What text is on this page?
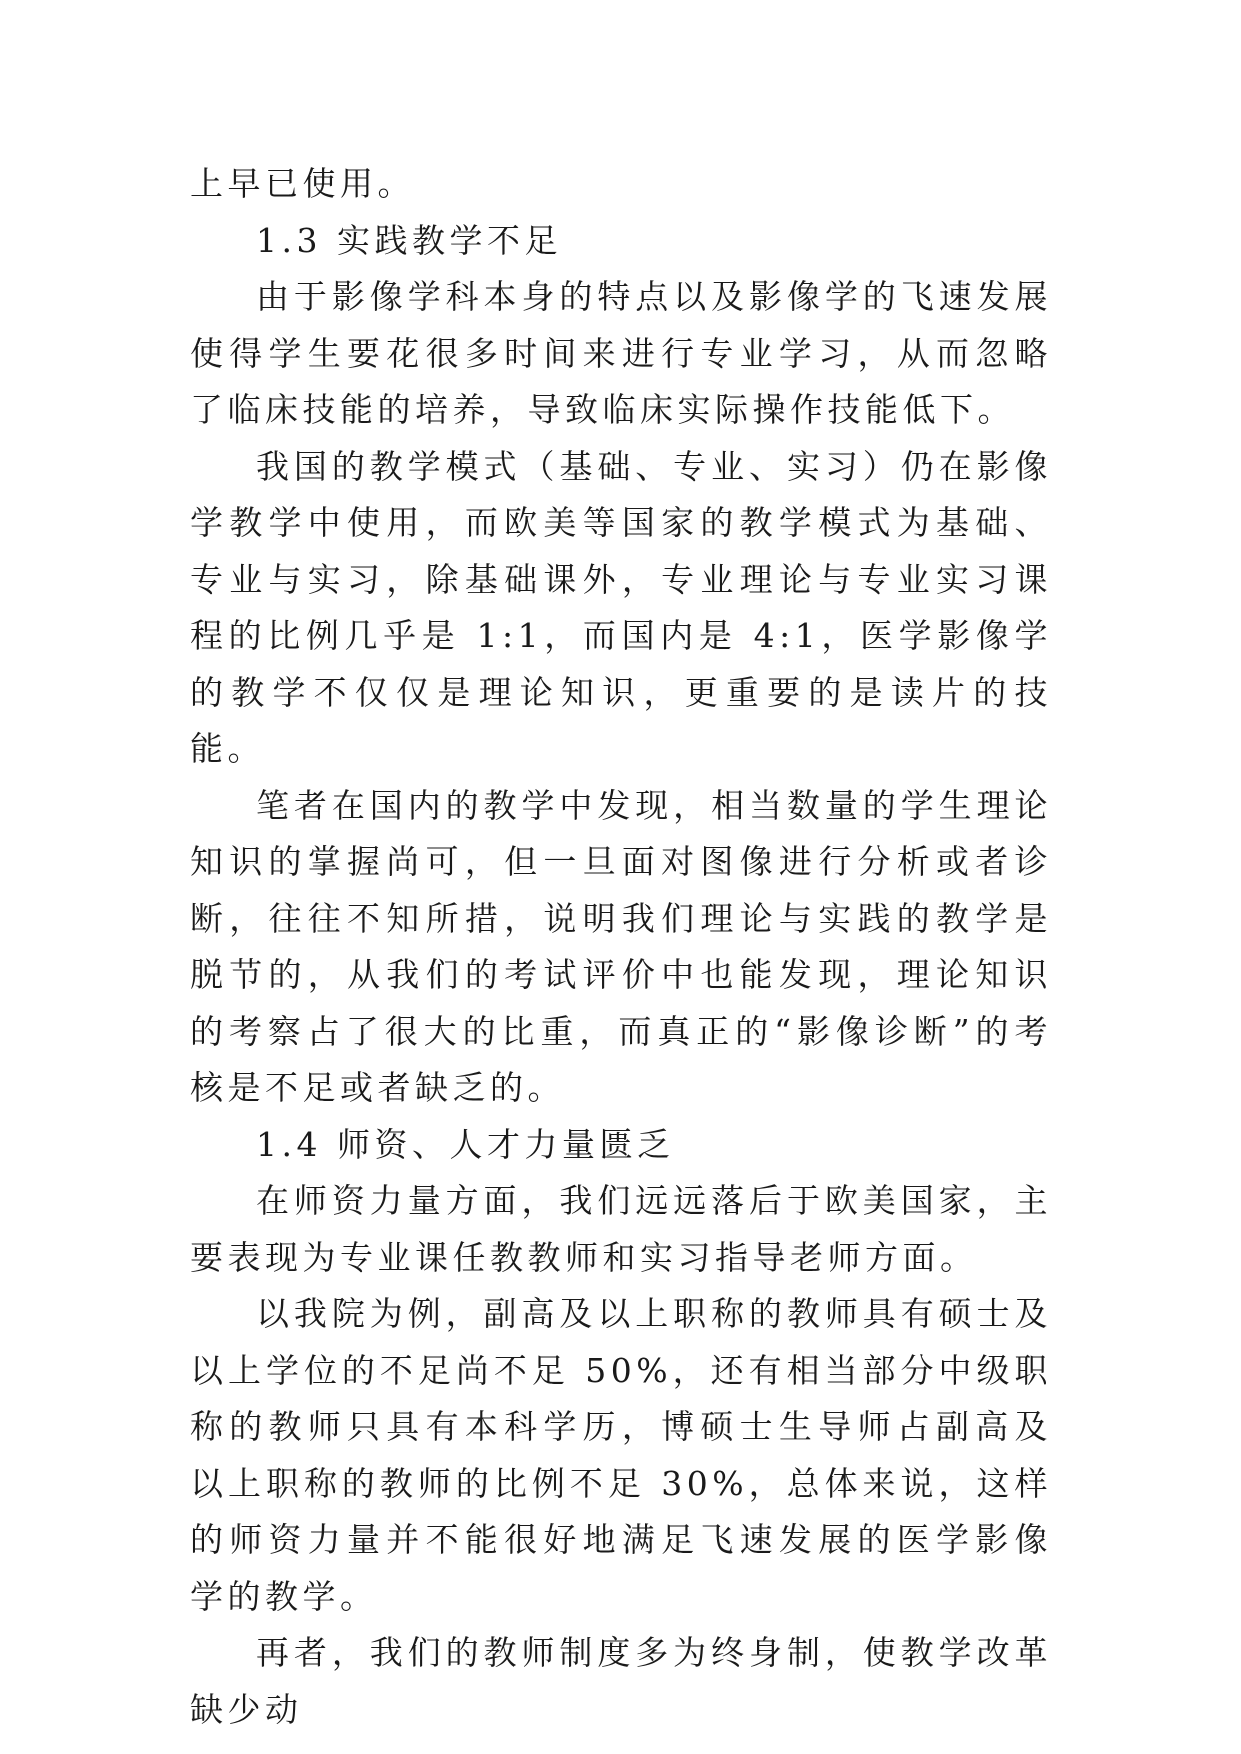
上早已使用。

1.3 实践教学不足

由于影像学科本身的特点以及影像学的飞速发展使得学生要花很多时间来进行专业学习，从而忽略了临床技能的培养，导致临床实际操作技能低下。

我国的教学模式（基础、专业、实习）仍在影像学教学中使用，而欧美等国家的教学模式为基础、专业与实习，除基础课外，专业理论与专业实习课程的比例几乎是 1:1，而国内是 4:1，医学影像学的教学不仅仅是理论知识，更重要的是读片的技能。

笔者在国内的教学中发现，相当数量的学生理论知识的掌握尚可，但一旦面对图像进行分析或者诊断，往往不知所措，说明我们理论与实践的教学是脱节的，从我们的考试评价中也能发现，理论知识的考察占了很大的比重，而真正的“影像诊断”的考核是不足或者缺乏的。

1.4 师资、人才力量匮乏

在师资力量方面，我们远远落后于欧美国家，主要表现为专业课任教教师和实习指导老师方面。

以我院为例，副高及以上职称的教师具有硕士及以上学位的不足尚不足 50%，还有相当部分中级职称的教师只具有本科学历，博硕士生导师占副高及以上职称的教师的比例不足 30%，总体来说，这样的师资力量并不能很好地满足飞速发展的医学影像学的教学。

再者，我们的教师制度多为终身制，使教学改革缺少动
